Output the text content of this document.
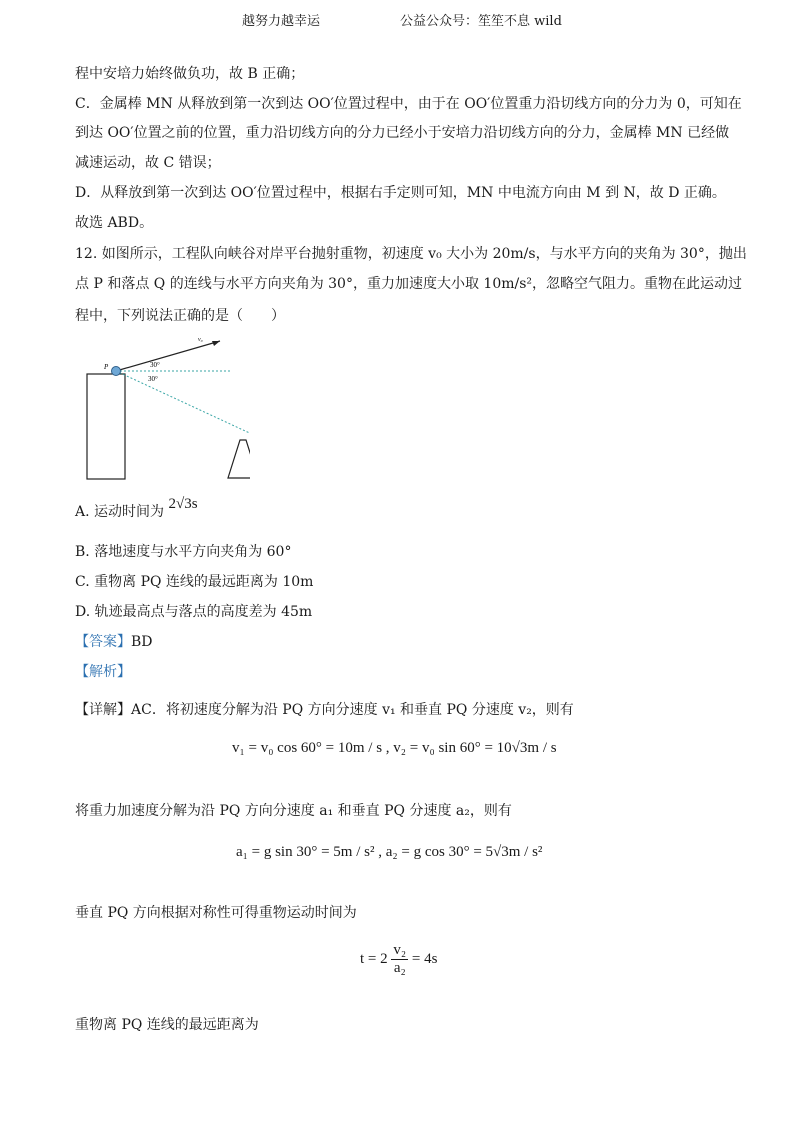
越努力越幸运	公益公众号：笙笙不息 wild
程中安培力始终做负功，故 B 正确；
C．金属棒 MN 从释放到第一次到达 OO′位置过程中，由于在 OO′位置重力沿切线方向的分力为 0，可知在
到达 OO′位置之前的位置，重力沿切线方向的分力已经小于安培力沿切线方向的分力，金属棒 MN 已经做
减速运动，故 C 错误；
D．从释放到第一次到达 OO′位置过程中，根据右手定则可知，MN 中电流方向由 M 到 N，故 D 正确。
故选 ABD。
12. 如图所示，工程队向峡谷对岸平台抛射重物，初速度 v₀ 大小为 20m/s，与水平方向的夹角为 30°，抛出
点 P 和落点 Q 的连线与水平方向夹角为 30°，重力加速度大小取 10m/s²，忽略空气阻力。重物在此运动过
程中，下列说法正确的是（　　）
P
v₀
30°
30°
A. 运动时间为 2√3s
B. 落地速度与水平方向夹角为 60°
C. 重物离 PQ 连线的最远距离为 10m
D. 轨迹最高点与落点的高度差为 45m
【答案】BD
【解析】
【详解】AC．将初速度分解为沿 PQ 方向分速度 v₁ 和垂直 PQ 分速度 v₂，则有
v₁ = v₀ cos 60° = 10m / s , v₂ = v₀ sin 60° = 10√3m / s
将重力加速度分解为沿 PQ 方向分速度 a₁ 和垂直 PQ 分速度 a₂，则有
a₁ = g sin 30° = 5m / s² , a₂ = g cos 30° = 5√3m / s²
垂直 PQ 方向根据对称性可得重物运动时间为
$t = 2 \frac{\text{v₂}}{\text{a₂}} = 4s$
重物离 PQ 连线的最远距离为
